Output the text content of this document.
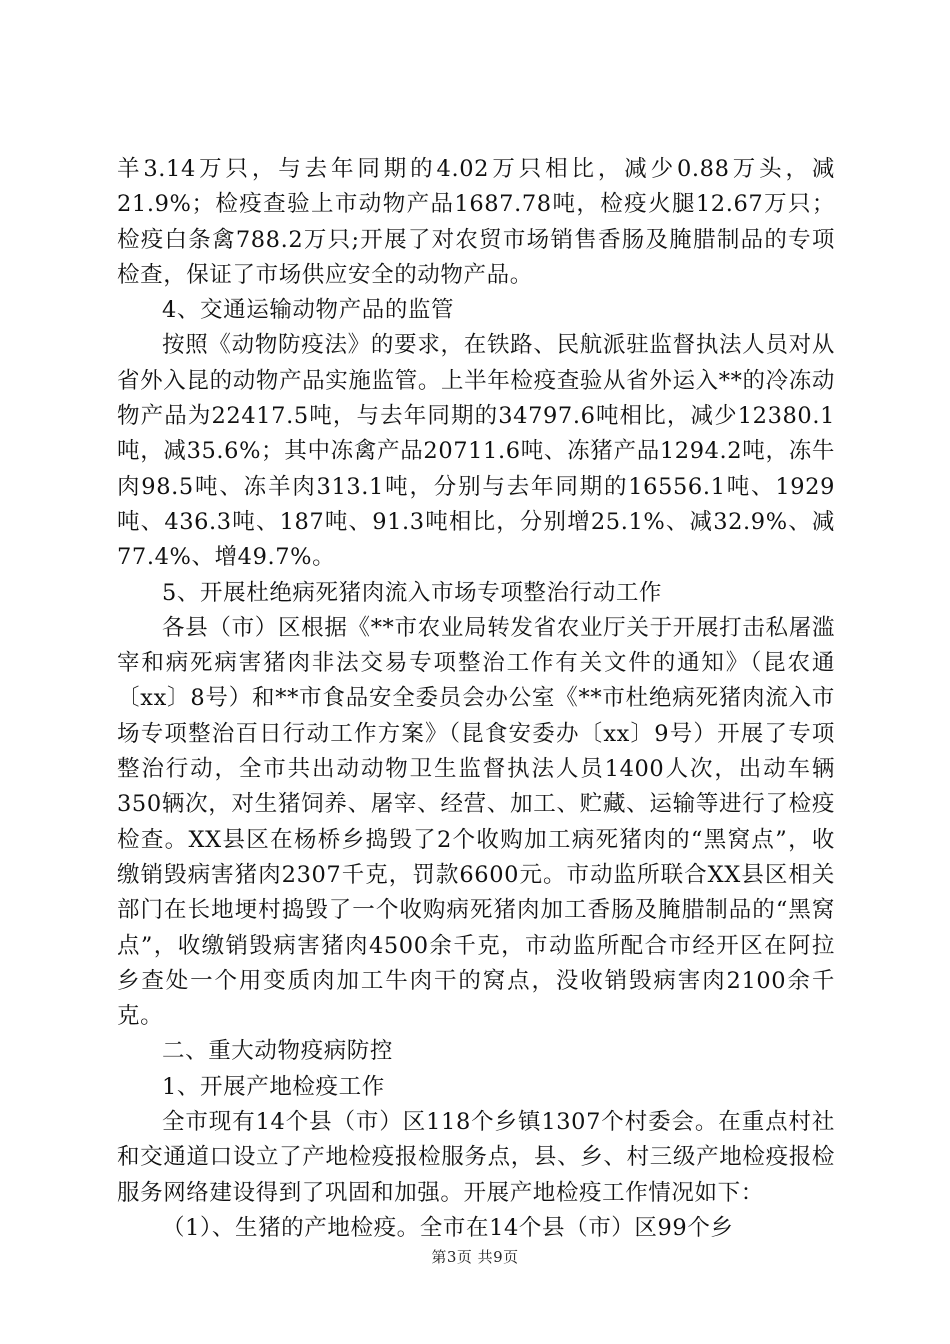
羊3.14万只，与去年同期的4.02万只相比，减少0.88万头，减21.9%；检疫查验上市动物产品1687.78吨，检疫火腿12.67万只；检疫白条禽788.2万只;开展了对农贸市场销售香肠及腌腊制品的专项检查，保证了市场供应安全的动物产品。

4、交通运输动物产品的监管

按照《动物防疫法》的要求，在铁路、民航派驻监督执法人员对从省外入昆的动物产品实施监管。上半年检疫查验从省外运入**的冷冻动物产品为22417.5吨，与去年同期的34797.6吨相比，减少12380.1吨，减35.6%；其中冻禽产品20711.6吨、冻猪产品1294.2吨，冻牛肉98.5吨、冻羊肉313.1吨，分别与去年同期的16556.1吨、1929吨、436.3吨、187吨、91.3吨相比，分别增25.1%、减32.9%、减77.4%、增49.7%。

5、开展杜绝病死猪肉流入市场专项整治行动工作

各县（市）区根据《**市农业局转发省农业厅关于开展打击私屠滥宰和病死病害猪肉非法交易专项整治工作有关文件的通知》（昆农通〔xx〕8号）和**市食品安全委员会办公室《**市杜绝病死猪肉流入市场专项整治百日行动工作方案》（昆食安委办〔xx〕9号）开展了专项整治行动，全市共出动动物卫生监督执法人员1400人次，出动车辆350辆次，对生猪饲养、屠宰、经营、加工、贮藏、运输等进行了检疫检查。XX县区在杨桥乡捣毁了2个收购加工病死猪肉的“黑窝点”，收缴销毁病害猪肉2307千克，罚款6600元。市动监所联合XX县区相关部门在长地埂村捣毁了一个收购病死猪肉加工香肠及腌腊制品的“黑窝点”，收缴销毁病害猪肉4500余千克，市动监所配合市经开区在阿拉乡查处一个用变质肉加工牛肉干的窝点，没收销毁病害肉2100余千克。

二、重大动物疫病防控

1、开展产地检疫工作

全市现有14个县（市）区118个乡镇1307个村委会。在重点村社和交通道口设立了产地检疫报检服务点，县、乡、村三级产地检疫报检服务网络建设得到了巩固和加强。开展产地检疫工作情况如下：

（1）、生猪的产地检疫。全市在14个县（市）区99个乡

第3页 共9页
